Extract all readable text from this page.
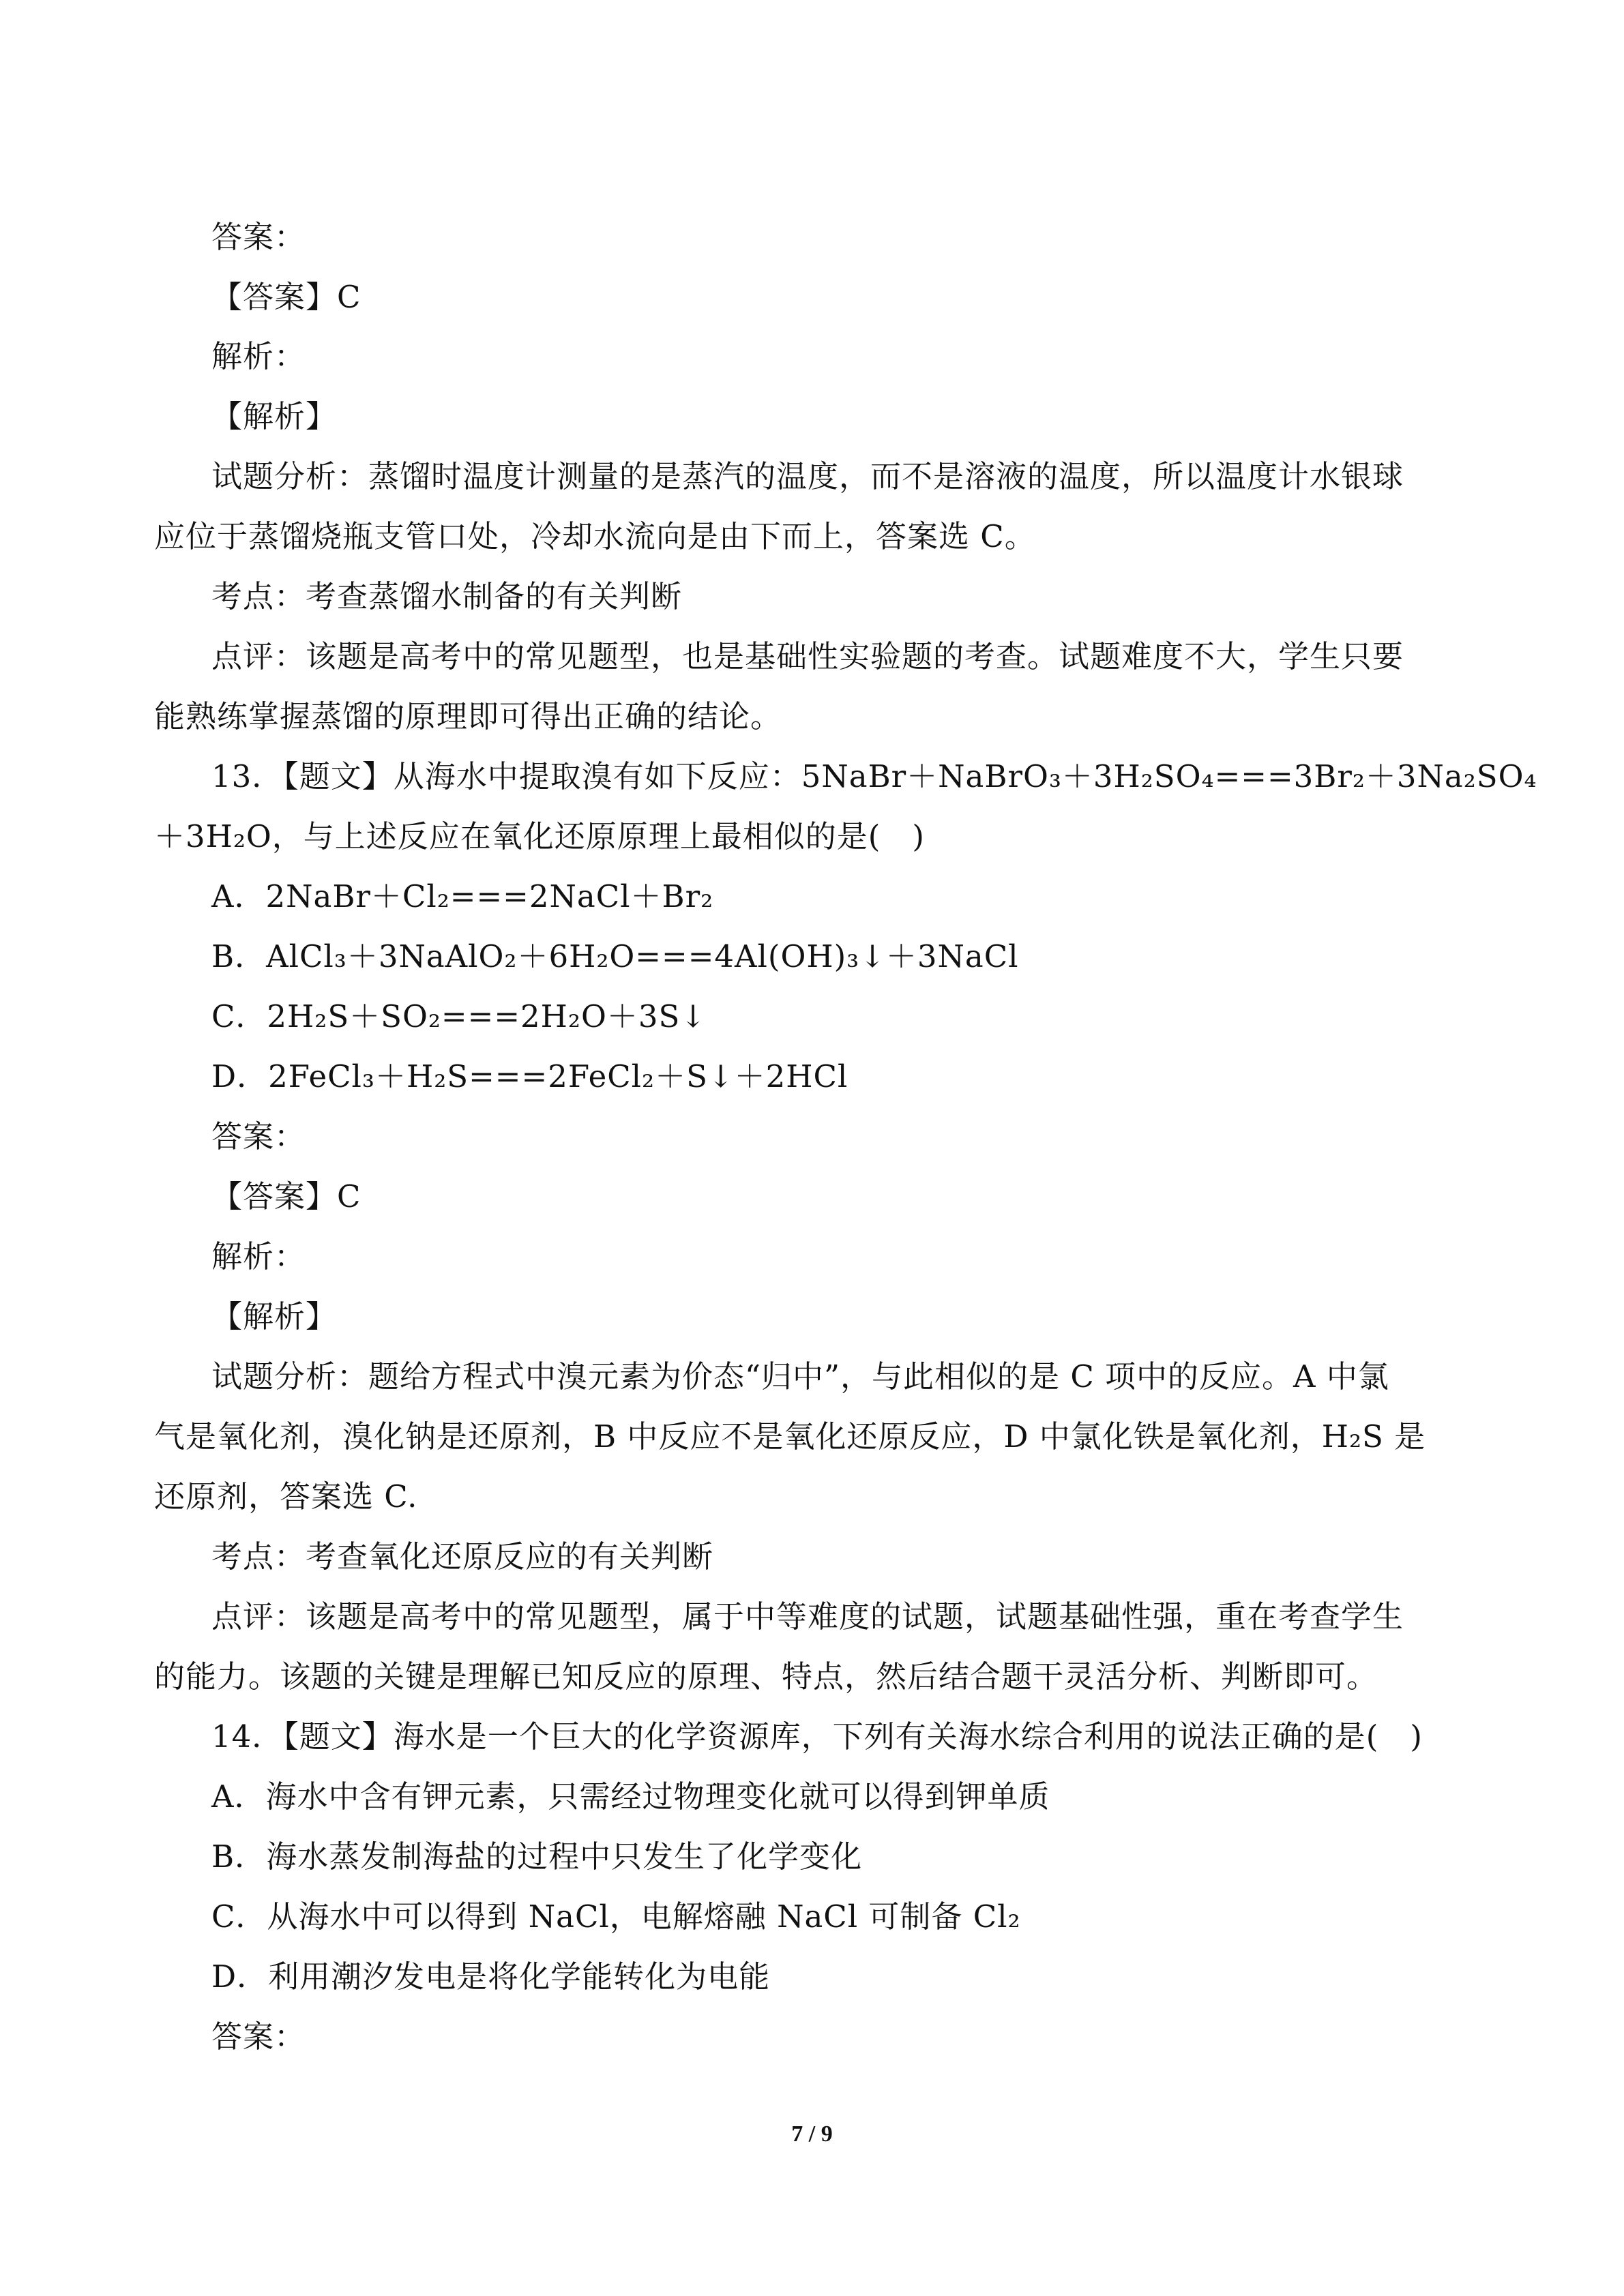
答案：
【答案】C
解析：
【解析】
试题分析：蒸馏时温度计测量的是蒸汽的温度，而不是溶液的温度，所以温度计水银球
应位于蒸馏烧瓶支管口处，冷却水流向是由下而上，答案选 C。
考点：考查蒸馏水制备的有关判断
点评：该题是高考中的常见题型，也是基础性实验题的考查。试题难度不大，学生只要
能熟练掌握蒸馏的原理即可得出正确的结论。
13．【题文】从海水中提取溴有如下反应：5NaBr＋NaBrO₃＋3H₂SO₄===3Br₂＋3Na₂SO₄
＋3H₂O，与上述反应在氧化还原原理上最相似的是(　)
A．2NaBr＋Cl₂===2NaCl＋Br₂
B．AlCl₃＋3NaAlO₂＋6H₂O===4Al(OH)₃↓＋3NaCl
C．2H₂S＋SO₂===2H₂O＋3S↓
D．2FeCl₃＋H₂S===2FeCl₂＋S↓＋2HCl
答案：
【答案】C
解析：
【解析】
试题分析：题给方程式中溴元素为价态“归中”，与此相似的是 C 项中的反应。A 中氯
气是氧化剂，溴化钠是还原剂，B 中反应不是氧化还原反应，D 中氯化铁是氧化剂，H₂S 是
还原剂，答案选 C.
考点：考查氧化还原反应的有关判断
点评：该题是高考中的常见题型，属于中等难度的试题，试题基础性强，重在考查学生
的能力。该题的关键是理解已知反应的原理、特点，然后结合题干灵活分析、判断即可。
14．【题文】海水是一个巨大的化学资源库，下列有关海水综合利用的说法正确的是(　)
A．海水中含有钾元素，只需经过物理变化就可以得到钾单质
B．海水蒸发制海盐的过程中只发生了化学变化
C．从海水中可以得到 NaCl，电解熔融 NaCl 可制备 Cl₂
D．利用潮汐发电是将化学能转化为电能
答案：
7 / 9
